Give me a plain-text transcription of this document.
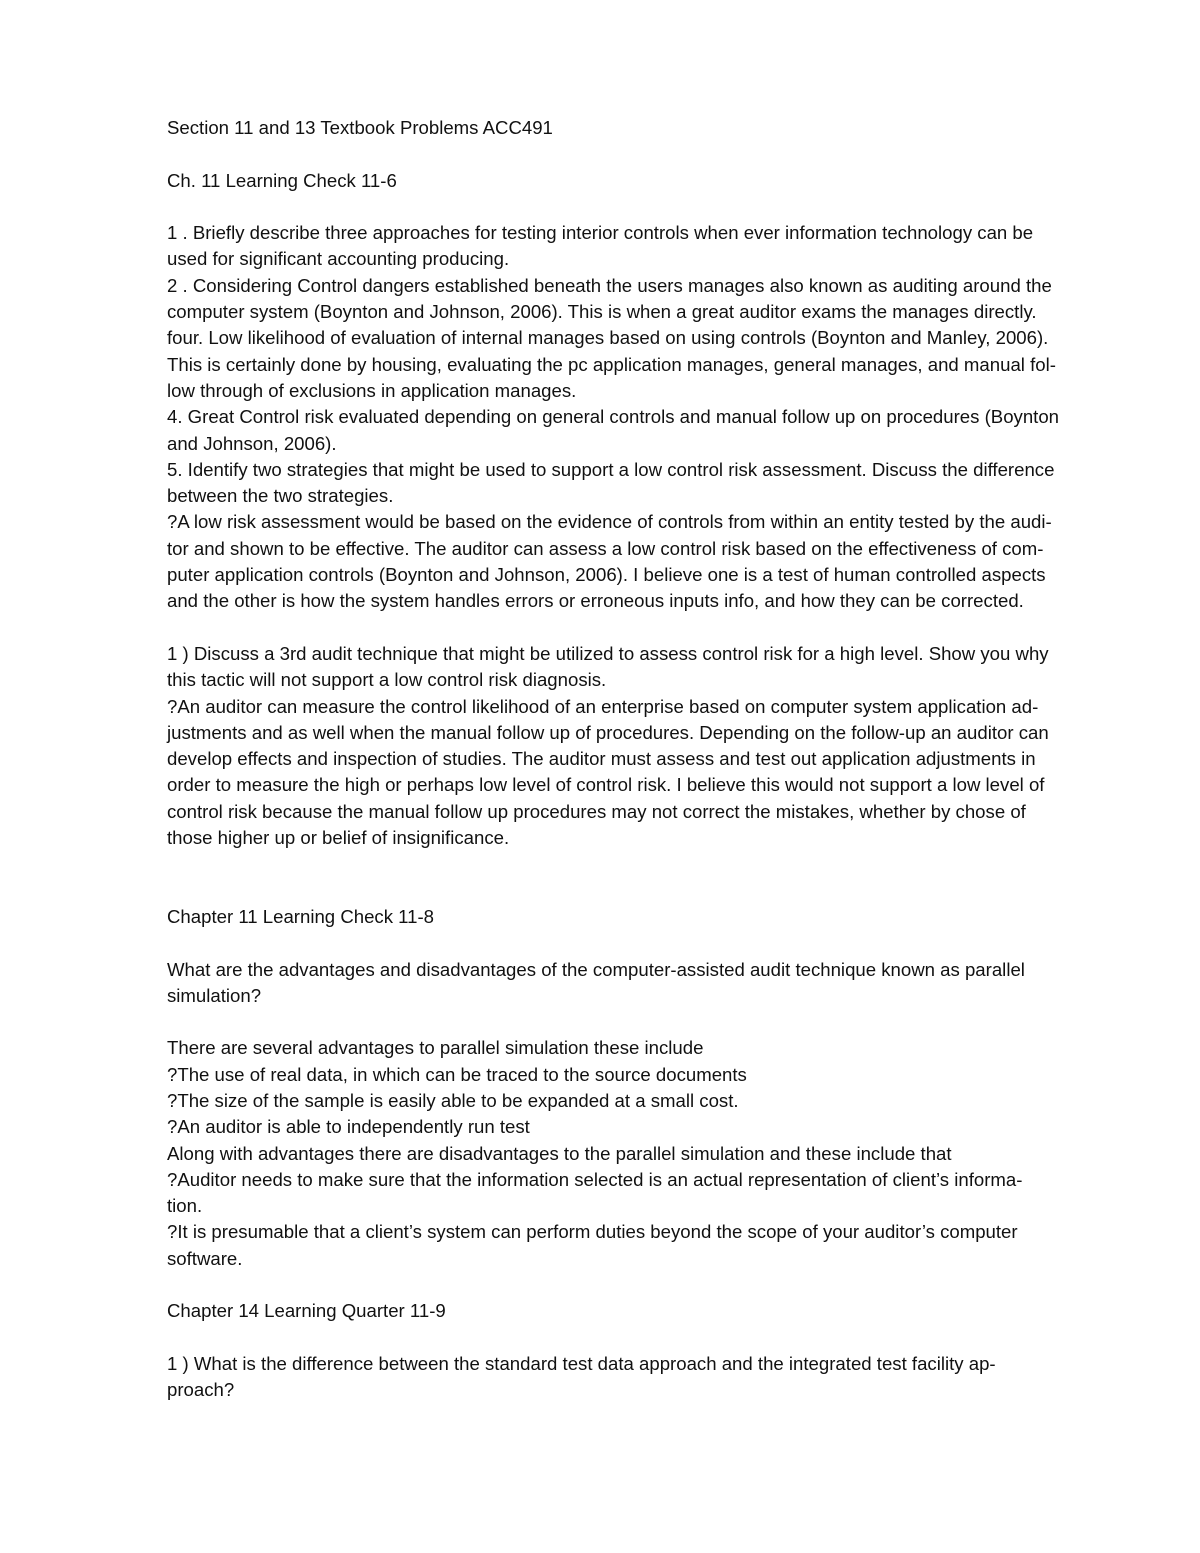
Section 11 and 13 Textbook Problems ACC491
Ch. 11 Learning Check 11-6
1 . Briefly describe three approaches for testing interior controls when ever information technology can be
used for significant accounting producing.
2 . Considering Control dangers established beneath the users manages also known as auditing around the
computer system (Boynton and Johnson, 2006). This is when a great auditor exams the manages directly.
four. Low likelihood of evaluation of internal manages based on using controls (Boynton and Manley, 2006).
This is certainly done by housing, evaluating the pc application manages, general manages, and manual fol-
low through of exclusions in application manages.
4. Great Control risk evaluated depending on general controls and manual follow up on procedures (Boynton
and Johnson, 2006).
5. Identify two strategies that might be used to support a low control risk assessment. Discuss the difference
between the two strategies.
?A low risk assessment would be based on the evidence of controls from within an entity tested by the audi-
tor and shown to be effective. The auditor can assess a low control risk based on the effectiveness of com-
puter application controls (Boynton and Johnson, 2006). I believe one is a test of human controlled aspects
and the other is how the system handles errors or erroneous inputs info, and how they can be corrected.
1 ) Discuss a 3rd audit technique that might be utilized to assess control risk for a high level. Show you why
this tactic will not support a low control risk diagnosis.
?An auditor can measure the control likelihood of an enterprise based on computer system application ad-
justments and as well when the manual follow up of procedures. Depending on the follow-up an auditor can
develop effects and inspection of studies. The auditor must assess and test out application adjustments in
order to measure the high or perhaps low level of control risk. I believe this would not support a low level of
control risk because the manual follow up procedures may not correct the mistakes, whether by chose of
those higher up or belief of insignificance.
Chapter 11 Learning Check 11-8
What are the advantages and disadvantages of the computer-assisted audit technique known as parallel
simulation?
There are several advantages to parallel simulation these include
?The use of real data, in which can be traced to the source documents
?The size of the sample is easily able to be expanded at a small cost.
?An auditor is able to independently run test
Along with advantages there are disadvantages to the parallel simulation and these include that
?Auditor needs to make sure that the information selected is an actual representation of client’s informa-
tion.
?It is presumable that a client’s system can perform duties beyond the scope of your auditor’s computer
software.
Chapter 14 Learning Quarter 11-9
1 ) What is the difference between the standard test data approach and the integrated test facility ap-
proach?
